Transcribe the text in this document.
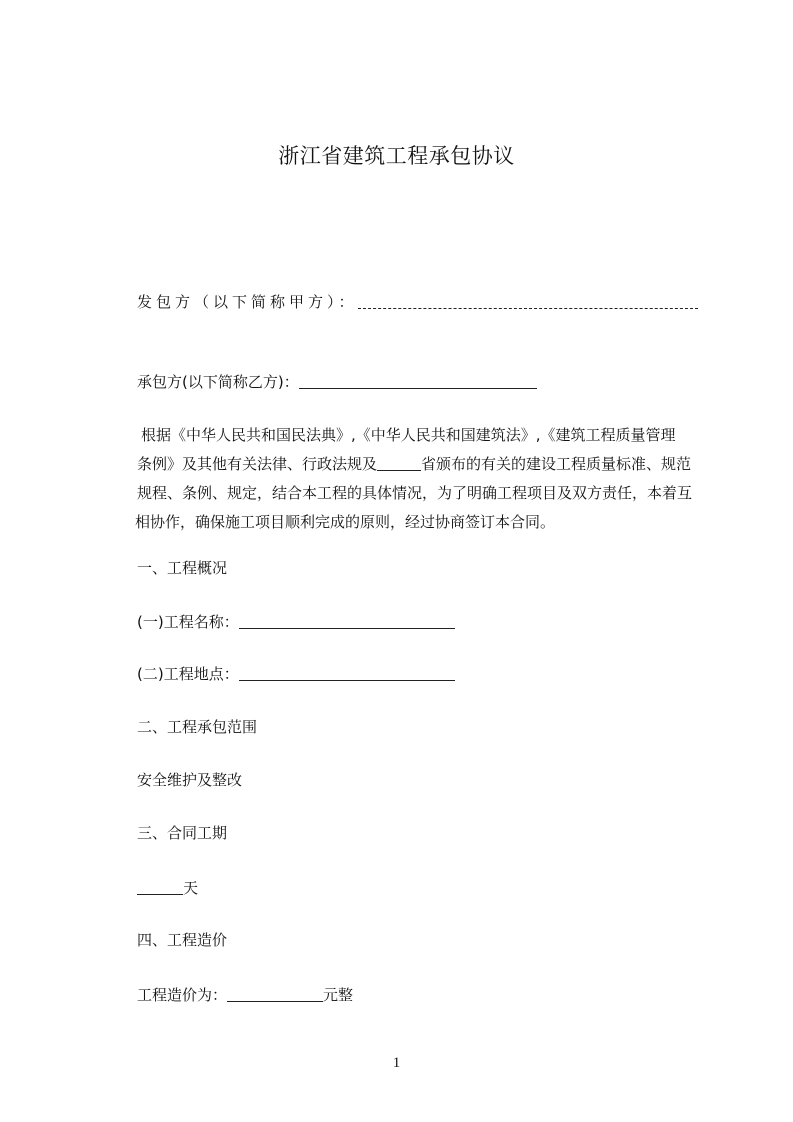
浙江省建筑工程承包协议
发包方（以下简称甲方）：
承包方(以下简称乙方)：
根据《中华人民共和国民法典》,《中华人民共和国建筑法》,《建筑工程质量管理
条例》及其他有关法律、行政法规及	省颁布的有关的建设工程质量标准、规范
规程、条例、规定，结合本工程的具体情况，为了明确工程项目及双方责任，本着互
相协作，确保施工项目顺利完成的原则，经过协商签订本合同。
一、工程概况
(一)工程名称：
(二)工程地点：
二、工程承包范围
安全维护及整改
三、合同工期
天
四、工程造价
工程造价为：	元整
1
